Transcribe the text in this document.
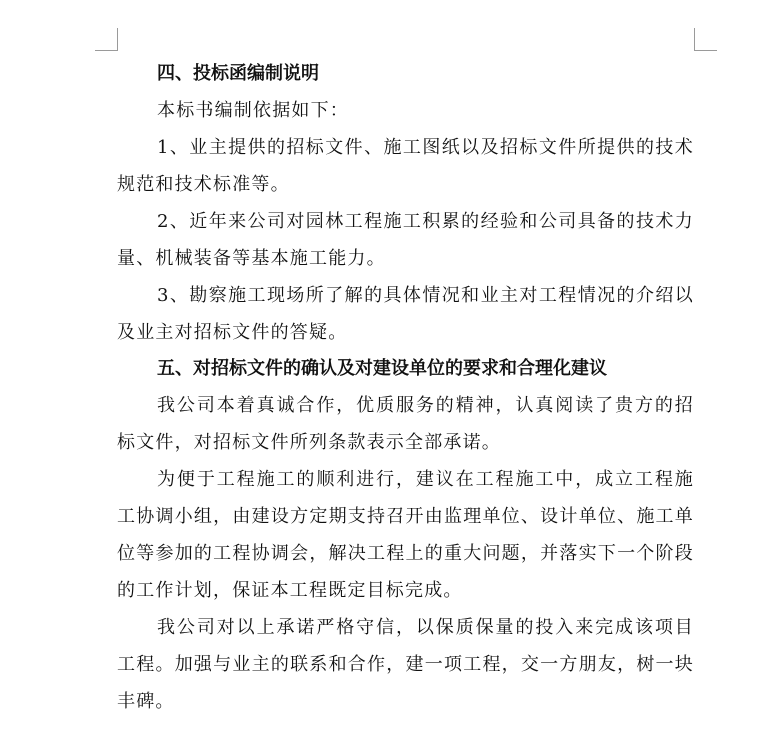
四、投标函编制说明

本标书编制依据如下：

1、业主提供的招标文件、施工图纸以及招标文件所提供的技术规范和技术标准等。

2、近年来公司对园林工程施工积累的经验和公司具备的技术力量、机械装备等基本施工能力。

3、勘察施工现场所了解的具体情况和业主对工程情况的介绍以及业主对招标文件的答疑。

五、对招标文件的确认及对建设单位的要求和合理化建议

我公司本着真诚合作，优质服务的精神，认真阅读了贵方的招标文件，对招标文件所列条款表示全部承诺。

为便于工程施工的顺利进行，建议在工程施工中，成立工程施工协调小组，由建设方定期支持召开由监理单位、设计单位、施工单位等参加的工程协调会，解决工程上的重大问题，并落实下一个阶段的工作计划，保证本工程既定目标完成。

我公司对以上承诺严格守信，以保质保量的投入来完成该项目工程。加强与业主的联系和合作，建一项工程，交一方朋友，树一块丰碑。
